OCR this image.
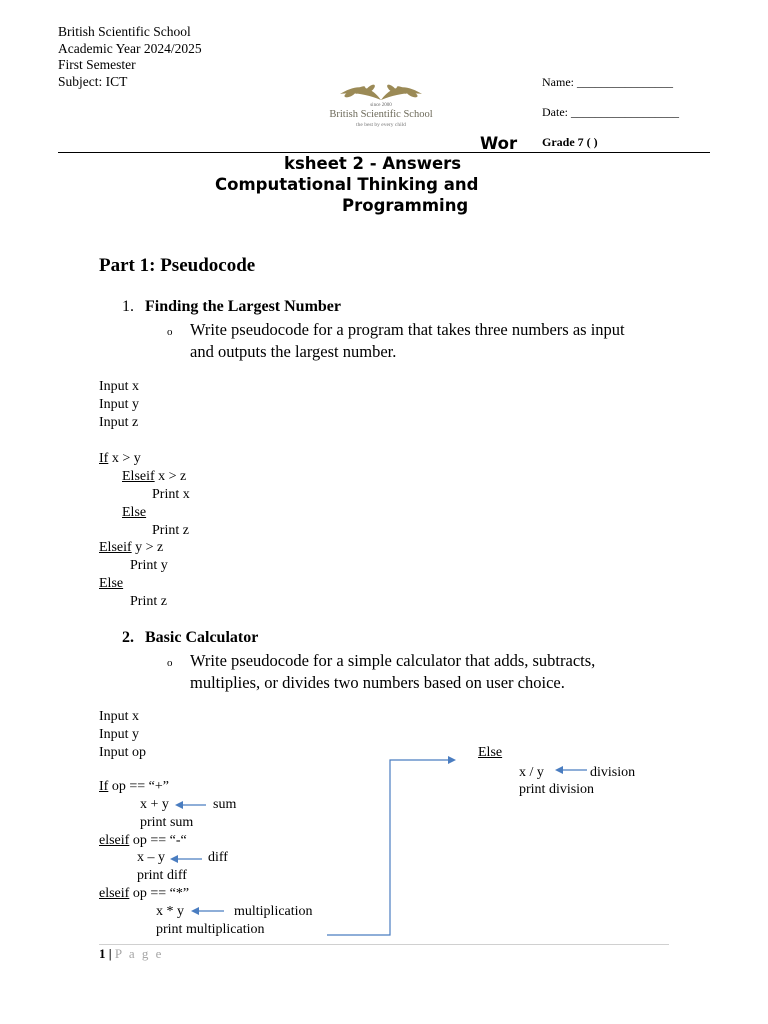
British Scientific School
Academic Year 2024/2025
First Semester
Subject: ICT	Name: ________________
Date: __________________
Grade 7 ( )
since 2000
British Scientific School
the best by every child
Wor
ksheet 2 - Answers
Computational Thinking and
Programming
Part 1: Pseudocode
1. Finding the Largest Number
o Write pseudocode for a program that takes three numbers as input
and outputs the largest number.
Input x
Input y
Input z
If x > y
Elseif x > z
Print x
Else
Print z
Elseif y > z
Print y
Else
Print z
2. Basic Calculator
o Write pseudocode for a simple calculator that adds, subtracts,
multiplies, or divides two numbers based on user choice.
Input x
Input y
Input op
If op == “+”
x + y	sum
print sum
elseif op == “-“
x – y	diff
print diff
elseif op == “*”
x * y	multiplication
print multiplication
Else
x / y	division
print division
1 | P a g e
